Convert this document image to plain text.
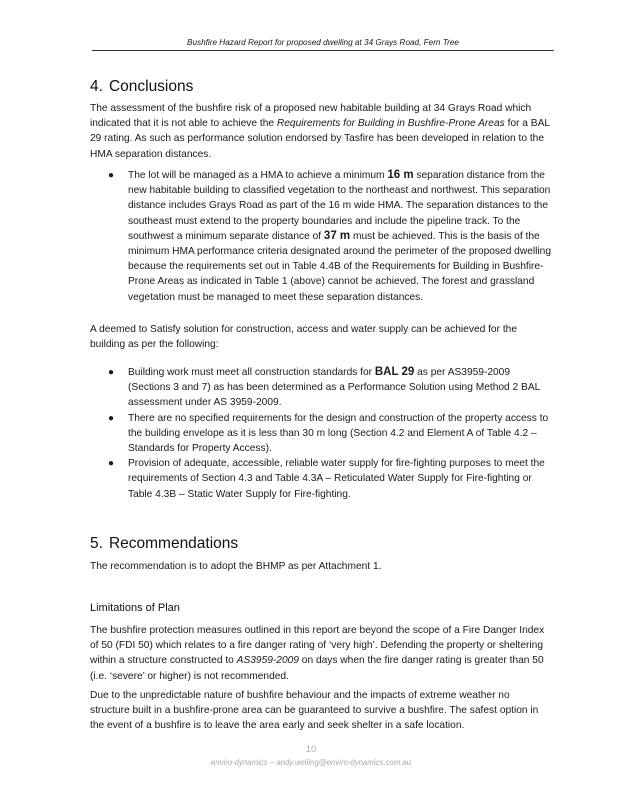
Bushfire Hazard Report for proposed dwelling at 34 Grays Road, Fern Tree
4. Conclusions

The assessment of the bushfire risk of a proposed new habitable building at 34 Grays Road which indicated that it is not able to achieve the Requirements for Building in Bushfire-Prone Areas for a BAL 29 rating. As such as performance solution endorsed by Tasfire has been developed in relation to the HMA separation distances.

● The lot will be managed as a HMA to achieve a minimum 16 m separation distance from the new habitable building to classified vegetation to the northeast and northwest. This separation distance includes Grays Road as part of the 16 m wide HMA. The separation distances to the southeast must extend to the property boundaries and include the pipeline track. To the southwest a minimum separate distance of 37 m must be achieved. This is the basis of the minimum HMA performance criteria designated around the perimeter of the proposed dwelling because the requirements set out in Table 4.4B of the Requirements for Building in Bushfire-Prone Areas as indicated in Table 1 (above) cannot be achieved. The forest and grassland vegetation must be managed to meet these separation distances.

A deemed to Satisfy solution for construction, access and water supply can be achieved for the building as per the following:

● Building work must meet all construction standards for BAL 29 as per AS3959-2009 (Sections 3 and 7) as has been determined as a Performance Solution using Method 2 BAL assessment under AS 3959-2009.
● There are no specified requirements for the design and construction of the property access to the building envelope as it is less than 30 m long (Section 4.2 and Element A of Table 4.2 – Standards for Property Access).
● Provision of adequate, accessible, reliable water supply for fire-fighting purposes to meet the requirements of Section 4.3 and Table 4.3A – Reticulated Water Supply for Fire-fighting or Table 4.3B – Static Water Supply for Fire-fighting.
5. Recommendations

The recommendation is to adopt the BHMP as per Attachment 1.

Limitations of Plan

The bushfire protection measures outlined in this report are beyond the scope of a Fire Danger Index of 50 (FDI 50) which relates to a fire danger rating of ‘very high’. Defending the property or sheltering within a structure constructed to AS3959-2009 on days when the fire danger rating is greater than 50 (i.e. ‘severe’ or higher) is not recommended.

Due to the unpredictable nature of bushfire behaviour and the impacts of extreme weather no structure built in a bushfire-prone area can be guaranteed to survive a bushfire. The safest option in the event of a bushfire is to leave the area early and seek shelter in a safe location.

10
enviro-dynamics – andy.welling@enviro-dynamics.com.au
